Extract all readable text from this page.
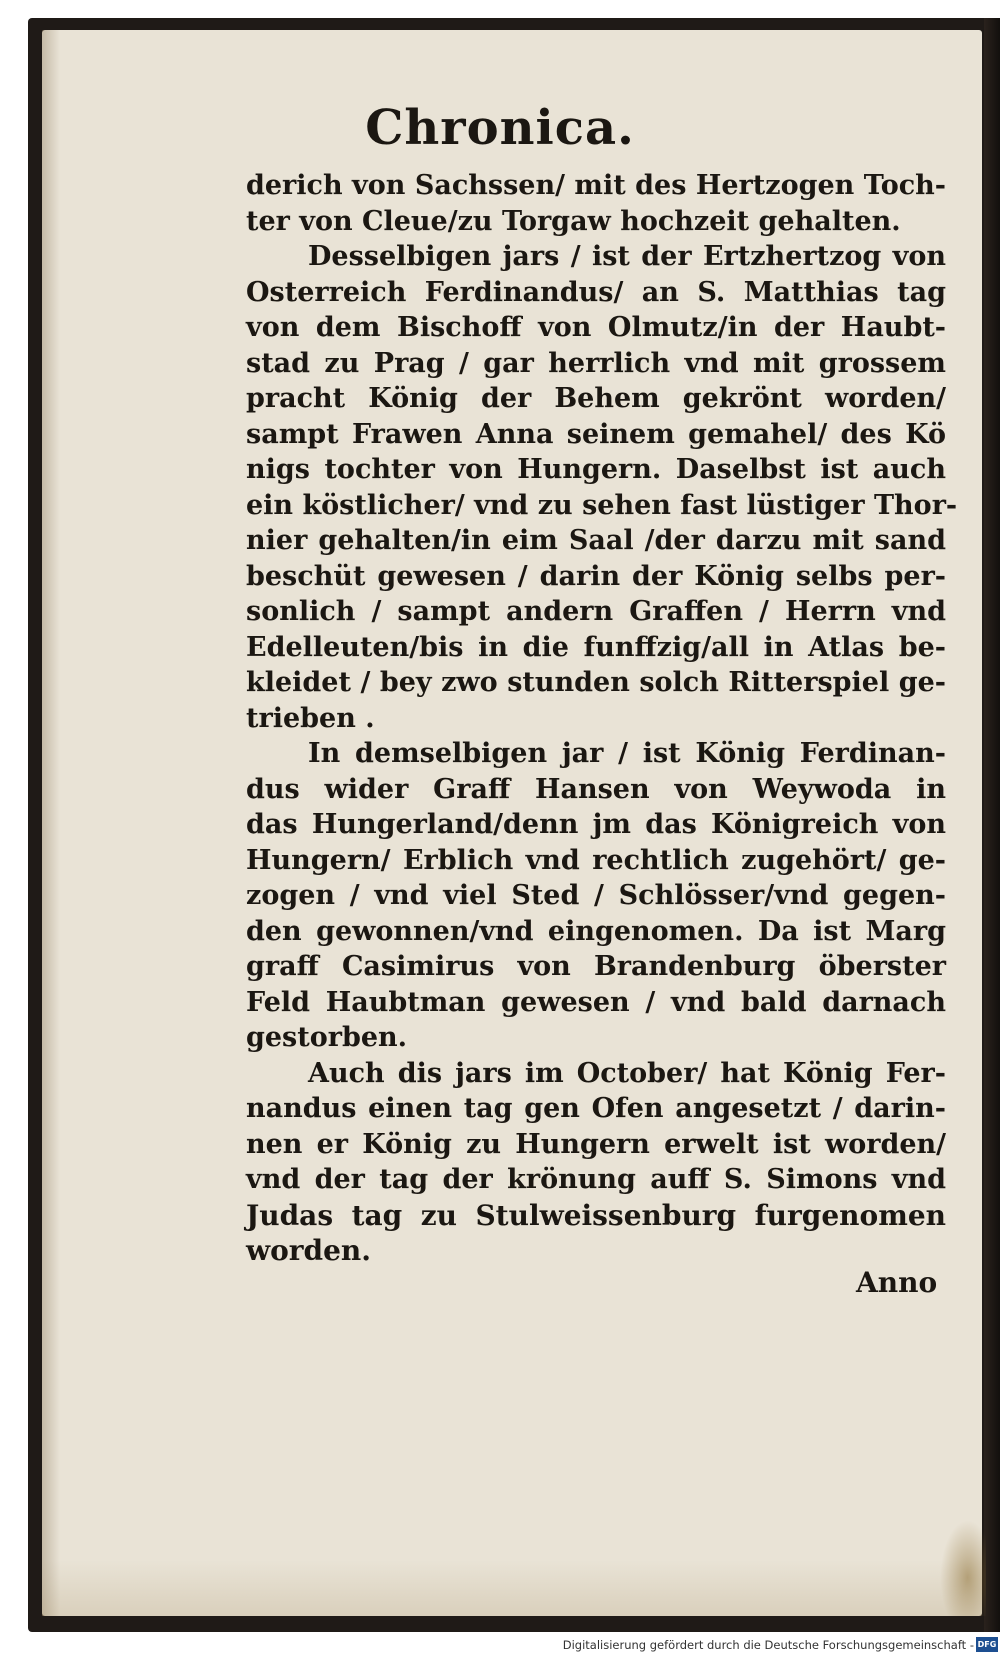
Chronica.
derich von Sachssen/ mit des Hertzogen Toch-
ter von Cleue/zu Torgaw hochzeit gehalten.
Desselbigen jars / ist der Ertzhertzog von
Osterreich Ferdinandus/ an S. Matthias tag
von dem Bischoff von Olmutz/in der Haubt-
stad zu Prag / gar herrlich vnd mit grossem
pracht König der Behem gekrönt worden/
sampt Frawen Anna seinem gemahel/ des Kö
nigs tochter von Hungern. Daselbst ist auch
ein köstlicher/ vnd zu sehen fast lüstiger Thor-
nier gehalten/in eim Saal /der darzu mit sand
beschüt gewesen / darin der König selbs per-
sonlich / sampt andern Graffen / Herrn vnd
Edelleuten/bis in die funffzig/all in Atlas be-
kleidet / bey zwo stunden solch Ritterspiel ge-
trieben .
In demselbigen jar / ist König Ferdinan-
dus wider Graff Hansen von Weywoda in
das Hungerland/denn jm das Königreich von
Hungern/ Erblich vnd rechtlich zugehört/ ge-
zogen / vnd viel Sted / Schlösser/vnd gegen-
den gewonnen/vnd eingenomen. Da ist Marg
graff Casimirus von Brandenburg öberster
Feld Haubtman gewesen / vnd bald darnach
gestorben.
Auch dis jars im October/ hat König Fer-
nandus einen tag gen Ofen angesetzt / darin-
nen er König zu Hungern erwelt ist worden/
vnd der tag der krönung auff S. Simons vnd
Judas tag zu Stulweissenburg furgenomen
worden.
Anno
Digitalisierung gefördert durch die Deutsche Forschungsgemeinschaft - DFG
